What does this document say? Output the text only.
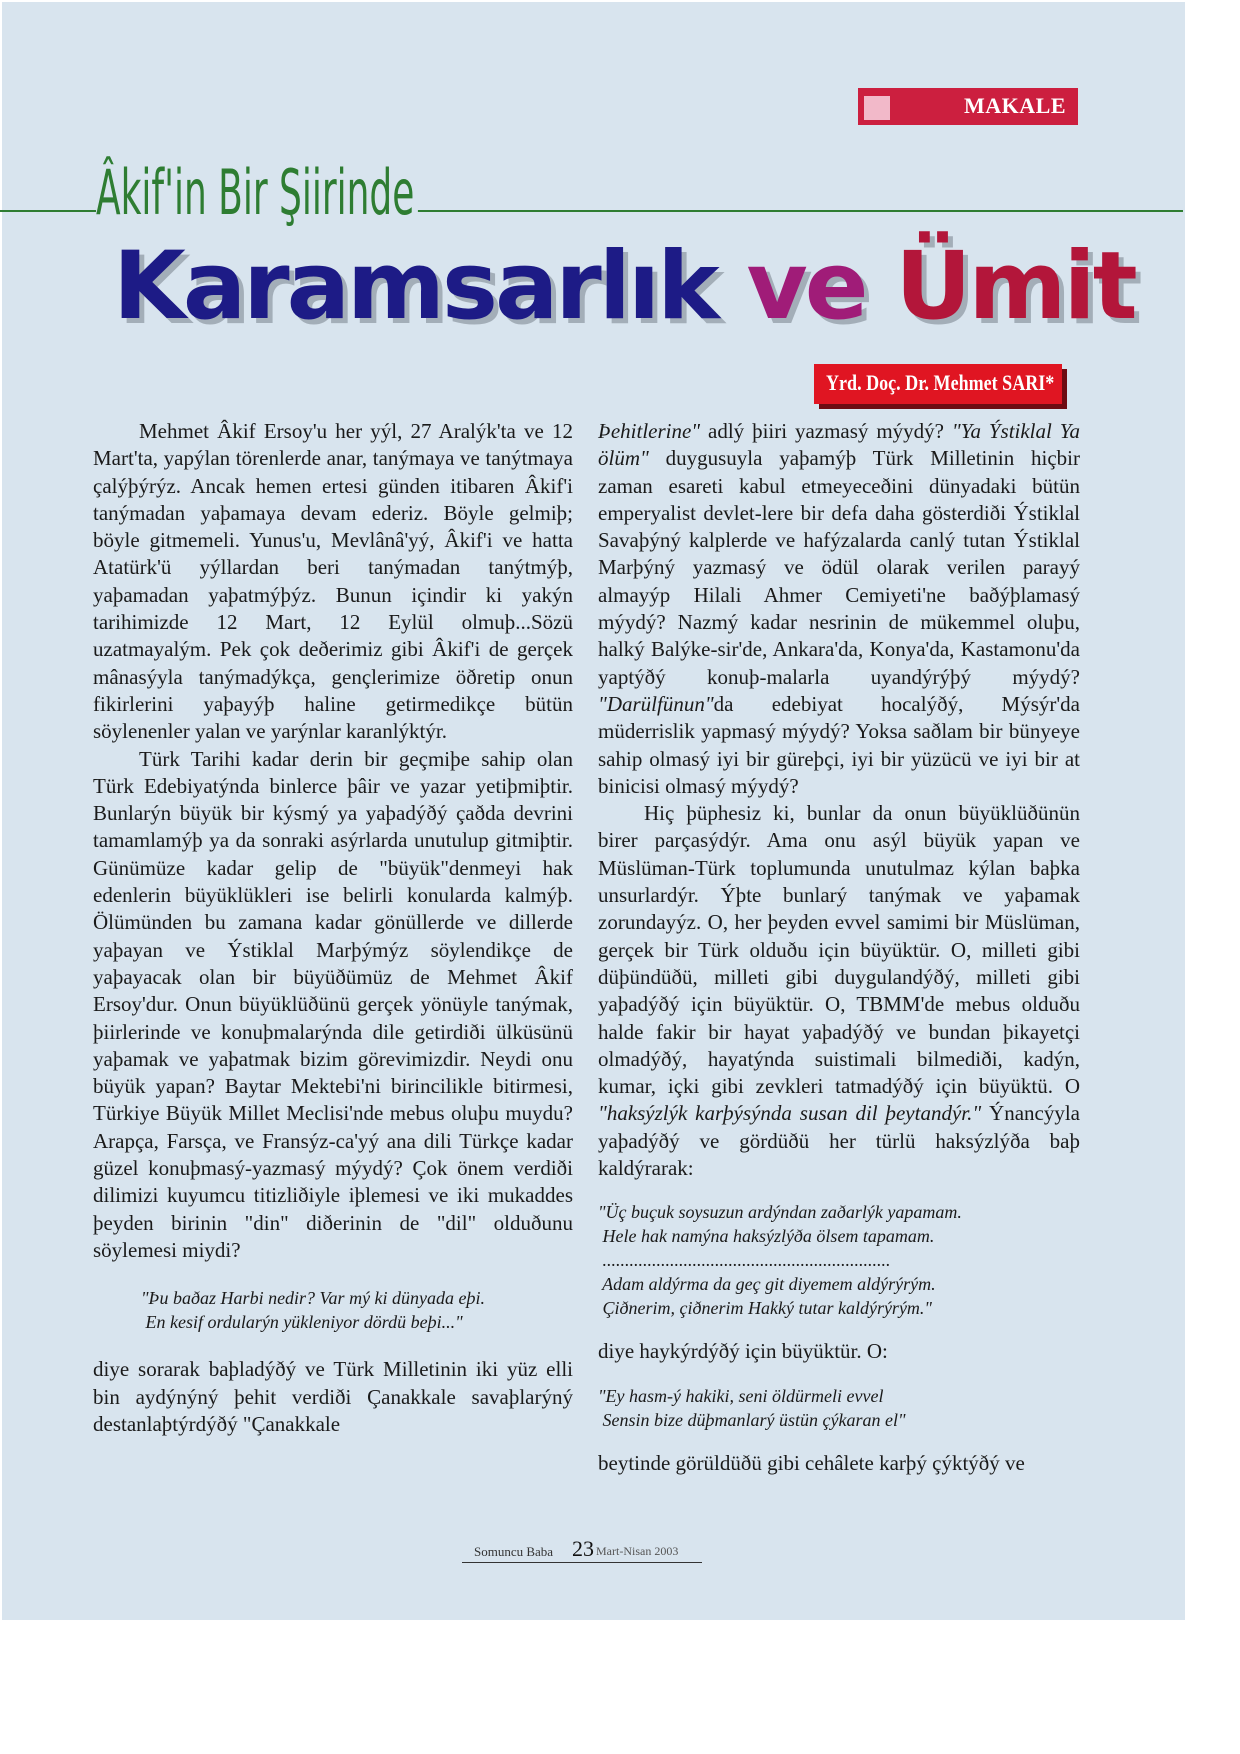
MAKALE
Âkif'in Bir Şiirinde
Karamsarlık ve Ümit
Yrd. Doç. Dr. Mehmet SARI*

Mehmet Âkif Ersoy'u her yýl, 27 Aralýk'ta ve 12 Mart'ta, yapýlan törenlerde anar, tanýmaya ve tanýtmaya çalýþýrýz. Ancak hemen ertesi günden itibaren Âkif'i tanýmadan yaþamaya devam ederiz. Böyle gelmiþ; böyle gitmemeli. Yunus'u, Mevlânâ'yý, Âkif'i ve hatta Atatürk'ü yýllardan beri tanýmadan tanýtmýþ, yaþamadan yaþatmýþýz. Bunun içindir ki yakýn tarihimizde 12 Mart, 12 Eylül olmuþ...Sözü uzatmayalým. Pek çok deðerimiz gibi Âkif'i de gerçek mânasýyla tanýmadýkça, gençlerimize öðretip onun fikirlerini yaþayýþ haline getirmedikçe bütün söylenenler yalan ve yarýnlar karanlýktýr.

Türk Tarihi kadar derin bir geçmiþe sahip olan Türk Edebiyatýnda binlerce þâir ve yazar yetiþmiþtir. Bunlarýn büyük bir kýsmý ya yaþadýðý çaðda devrini tamamlamýþ ya da sonraki asýrlarda unutulup gitmiþtir. Günümüze kadar gelip de "büyük"denmeyi hak edenlerin büyüklükleri ise belirli konularda kalmýþ. Ölümünden bu zamana kadar gönüllerde ve dillerde yaþayan ve Ýstiklal Marþýmýz söylendikçe de yaþayacak olan bir büyüðümüz de Mehmet Âkif Ersoy'dur. Onun büyüklüðünü gerçek yönüyle tanýmak, þiirlerinde ve konuþmalarýnda dile getirdiði ülküsünü yaþamak ve yaþatmak bizim görevimizdir. Neydi onu büyük yapan? Baytar Mektebi'ni birincilikle bitirmesi, Türkiye Büyük Millet Meclisi'nde mebus oluþu muydu? Arapça, Farsça, ve Fransýz-ca'yý ana dili Türkçe kadar güzel konuþmasý-yazmasý mýydý? Çok önem verdiði dilimizi kuyumcu titizliðiyle iþlemesi ve iki mukaddes þeyden birinin "din" diðerinin de "dil" olduðunu söylemesi miydi?

"Þu baðaz Harbi nedir? Var mý ki dünyada eþi.
En kesif ordularýn yükleniyor dördü beþi..."

diye sorarak baþladýðý ve Türk Milletinin iki yüz elli bin aydýnýný þehit verdiði Çanakkale savaþlarýný destanlaþtýrdýðý "Çanakkale

Þehitlerine" adlý þiiri yazmasý mýydý? "Ya Ýstiklal Ya ölüm" duygusuyla yaþamýþ Türk Milletinin hiçbir zaman esareti kabul etmeyeceðini dünyadaki bütün emperyalist devlet-lere bir defa daha gösterdiði Ýstiklal Savaþýný kalplerde ve hafýzalarda canlý tutan Ýstiklal Marþýný yazmasý ve ödül olarak verilen parayý almayýp Hilali Ahmer Cemiyeti'ne baðýþlamasý mýydý? Nazmý kadar nesrinin de mükemmel oluþu, halký Balýke-sir'de, Ankara'da, Konya'da, Kastamonu'da yaptýðý konuþ-malarla uyandýrýþý mýydý? "Darülfünun"da edebiyat hocalýðý, Mýsýr'da müderrislik yapmasý mýydý? Yoksa saðlam bir bünyeye sahip olmasý iyi bir güreþçi, iyi bir yüzücü ve iyi bir at binicisi olmasý mýydý?

Hiç þüphesiz ki, bunlar da onun büyüklüðünün birer parçasýdýr. Ama onu asýl büyük yapan ve Müslüman-Türk toplumunda unutulmaz kýlan baþka unsurlardýr. Ýþte bunlarý tanýmak ve yaþamak zorundayýz. O, her þeyden evvel samimi bir Müslüman, gerçek bir Türk olduðu için büyüktür. O, milleti gibi düþündüðü, milleti gibi duygulandýðý, milleti gibi yaþadýðý için büyüktür. O, TBMM'de mebus olduðu halde fakir bir hayat yaþadýðý ve bundan þikayetçi olmadýðý, hayatýnda suistimali bilmediði, kadýn, kumar, içki gibi zevkleri tatmadýðý için büyüktü. O "haksýzlýk karþýsýnda susan dil þeytandýr." Ýnancýyla yaþadýðý ve gördüðü her türlü haksýzlýða baþ kaldýrarak:

"Üç buçuk soysuzun ardýndan zaðarlýk yapamam.
Hele hak namýna haksýzlýða ölsem tapamam.
................................................................
Adam aldýrma da geç git diyemem aldýrýrým.
Çiðnerim, çiðnerim Hakký tutar kaldýrýrým."

diye haykýrdýðý için büyüktür. O:

"Ey hasm-ý hakiki, seni öldürmeli evvel
Sensin bize düþmanlarý üstün çýkaran el"

beytinde görüldüðü gibi cehâlete karþý çýktýðý ve

Somuncu Baba 23 Mart-Nisan 2003
